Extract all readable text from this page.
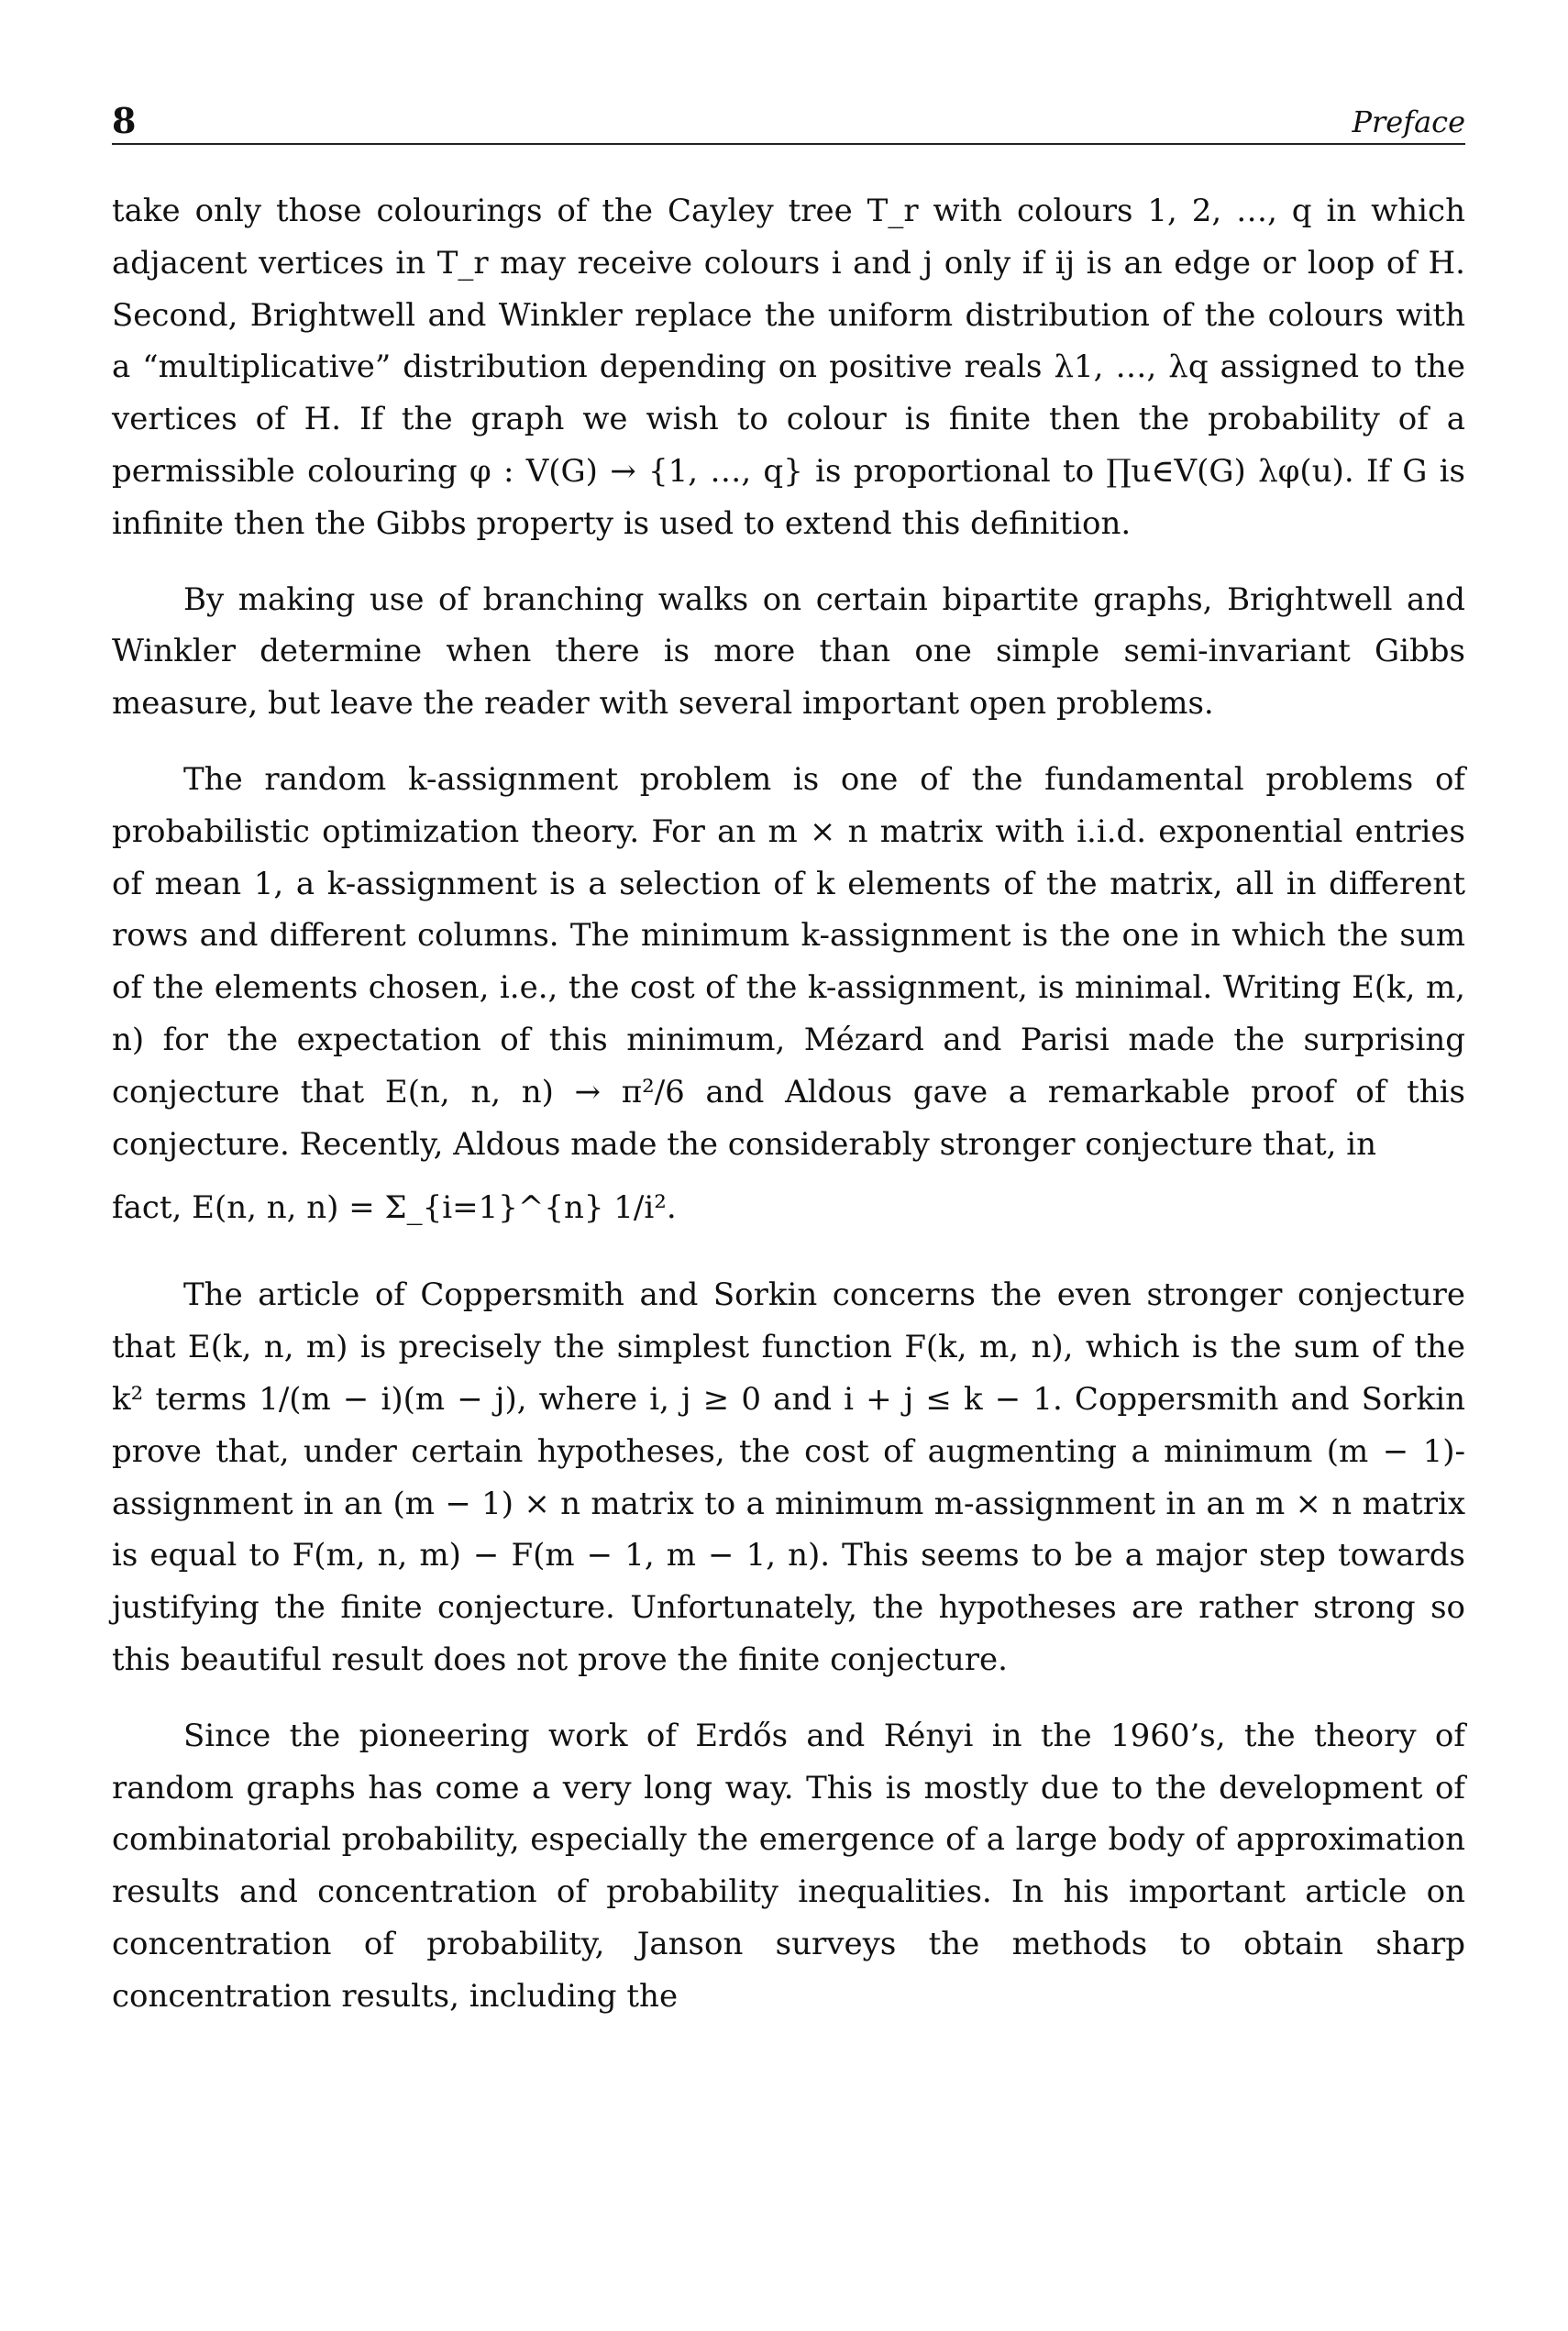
8	Preface

take only those colourings of the Cayley tree T_r with colours 1, 2, …, q in which adjacent vertices in T_r may receive colours i and j only if ij is an edge or loop of H. Second, Brightwell and Winkler replace the uniform distribution of the colours with a “multiplicative” distribution depending on positive reals λ1, …, λq assigned to the vertices of H. If the graph we wish to colour is finite then the probability of a permissible colouring φ : V(G) → {1, …, q} is proportional to ∏u∈V(G) λφ(u). If G is infinite then the Gibbs property is used to extend this definition.

By making use of branching walks on certain bipartite graphs, Brightwell and Winkler determine when there is more than one simple semi-invariant Gibbs measure, but leave the reader with several important open problems.

The random k-assignment problem is one of the fundamental problems of probabilistic optimization theory. For an m × n matrix with i.i.d. exponential entries of mean 1, a k-assignment is a selection of k elements of the matrix, all in different rows and different columns. The minimum k-assignment is the one in which the sum of the elements chosen, i.e., the cost of the k-assignment, is minimal. Writing E(k, m, n) for the expectation of this minimum, Mézard and Parisi made the surprising conjecture that E(n, n, n) → π²/6 and Aldous gave a remarkable proof of this conjecture. Recently, Aldous made the considerably stronger conjecture that, in

fact, E(n, n, n) = Σ_{i=1}^{n} 1/i².

The article of Coppersmith and Sorkin concerns the even stronger conjecture that E(k, n, m) is precisely the simplest function F(k, m, n), which is the sum of the k² terms 1/(m − i)(m − j), where i, j ≥ 0 and i + j ≤ k − 1. Coppersmith and Sorkin prove that, under certain hypotheses, the cost of augmenting a minimum (m − 1)-assignment in an (m − 1) × n matrix to a minimum m-assignment in an m × n matrix is equal to F(m, n, m) − F(m − 1, m − 1, n). This seems to be a major step towards justifying the finite conjecture. Unfortunately, the hypotheses are rather strong so this beautiful result does not prove the finite conjecture.

Since the pioneering work of Erdős and Rényi in the 1960’s, the theory of random graphs has come a very long way. This is mostly due to the development of combinatorial probability, especially the emergence of a large body of approximation results and concentration of probability inequalities. In his important article on concentration of probability, Janson surveys the methods to obtain sharp concentration results, including the
